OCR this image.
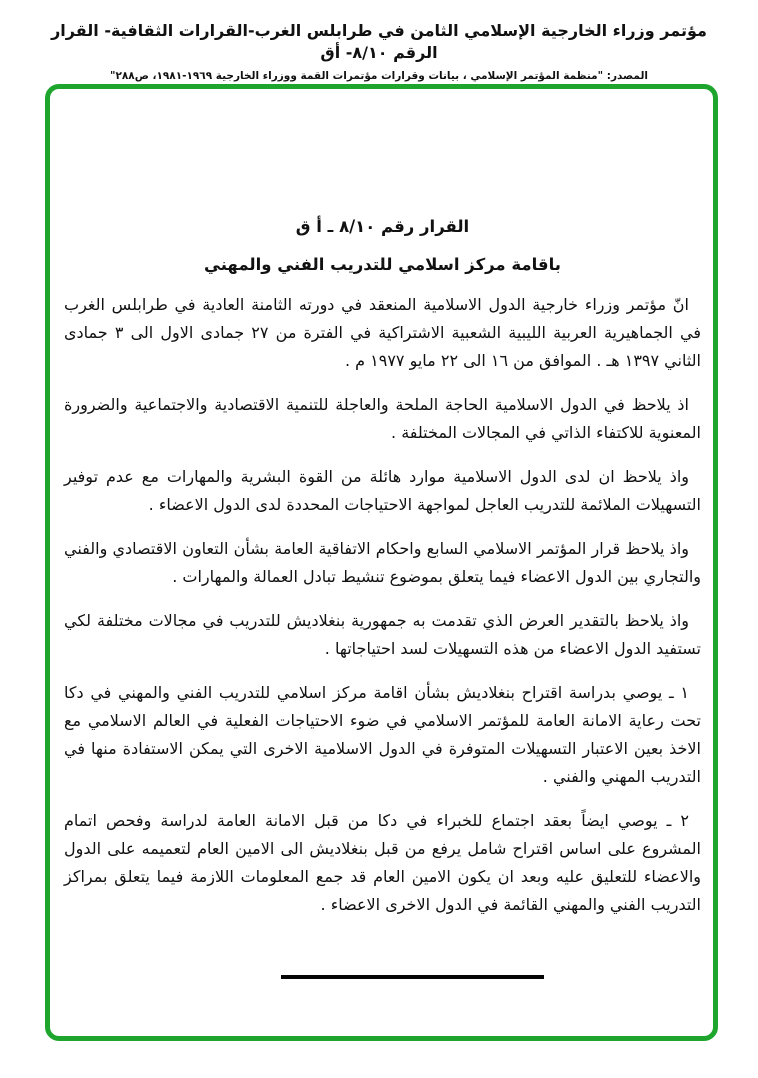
مؤتمر وزراء الخارجية الإسلامي الثامن في طرابلس الغرب-القرارات الثقافية- القرار الرقم ٨/١٠- أق
المصدر: "منظمة المؤتمر الإسلامي ، بيانات وقرارات مؤتمرات القمة ووزراء الخارجية ١٩٦٩-١٩٨١، ص٢٨٨"
القرار رقم ٨/١٠ ـ أ ق
باقامة مركز اسلامي للتدريب الفني والمهني

انّ مؤتمر وزراء خارجية الدول الاسلامية المنعقد في دورته الثامنة العادية في طرابلس الغرب في الجماهيرية العربية الليبية الشعبية الاشتراكية في الفترة من ٢٧ جمادى الاول الى ٣ جمادى الثاني ١٣٩٧ هـ . الموافق من ١٦ الى ٢٢ مايو ١٩٧٧ م .

اذ يلاحظ في الدول الاسلامية الحاجة الملحة والعاجلة للتنمية الاقتصادية والاجتماعية والضرورة المعنوية للاكتفاء الذاتي في المجالات المختلفة .

واذ يلاحظ ان لدى الدول الاسلامية موارد هائلة من القوة البشرية والمهارات مع عدم توفير التسهيلات الملائمة للتدريب العاجل لمواجهة الاحتياجات المحددة لدى الدول الاعضاء .

واذ يلاحظ قرار المؤتمر الاسلامي السابع واحكام الاتفاقية العامة بشأن التعاون الاقتصادي والفني والتجاري بين الدول الاعضاء فيما يتعلق بموضوع تنشيط تبادل العمالة والمهارات .

واذ يلاحظ بالتقدير العرض الذي تقدمت به جمهورية بنغلاديش للتدريب في مجالات مختلفة لكي تستفيد الدول الاعضاء من هذه التسهيلات لسد احتياجاتها .

١ ـ يوصي بدراسة اقتراح بنغلاديش بشأن اقامة مركز اسلامي للتدريب الفني والمهني في دكا تحت رعاية الامانة العامة للمؤتمر الاسلامي في ضوء الاحتياجات الفعلية في العالم الاسلامي مع الاخذ بعين الاعتبار التسهيلات المتوفرة في الدول الاسلامية الاخرى التي يمكن الاستفادة منها في التدريب المهني والفني .

٢ ـ يوصي ايضاً بعقد اجتماع للخبراء في دكا من قبل الامانة العامة لدراسة وفحص اتمام المشروع على اساس اقتراح شامل يرفع من قبل بنغلاديش الى الامين العام لتعميمه على الدول والاعضاء للتعليق عليه وبعد ان يكون الامين العام قد جمع المعلومات اللازمة فيما يتعلق بمراكز التدريب الفني والمهني القائمة في الدول الاخرى الاعضاء .
